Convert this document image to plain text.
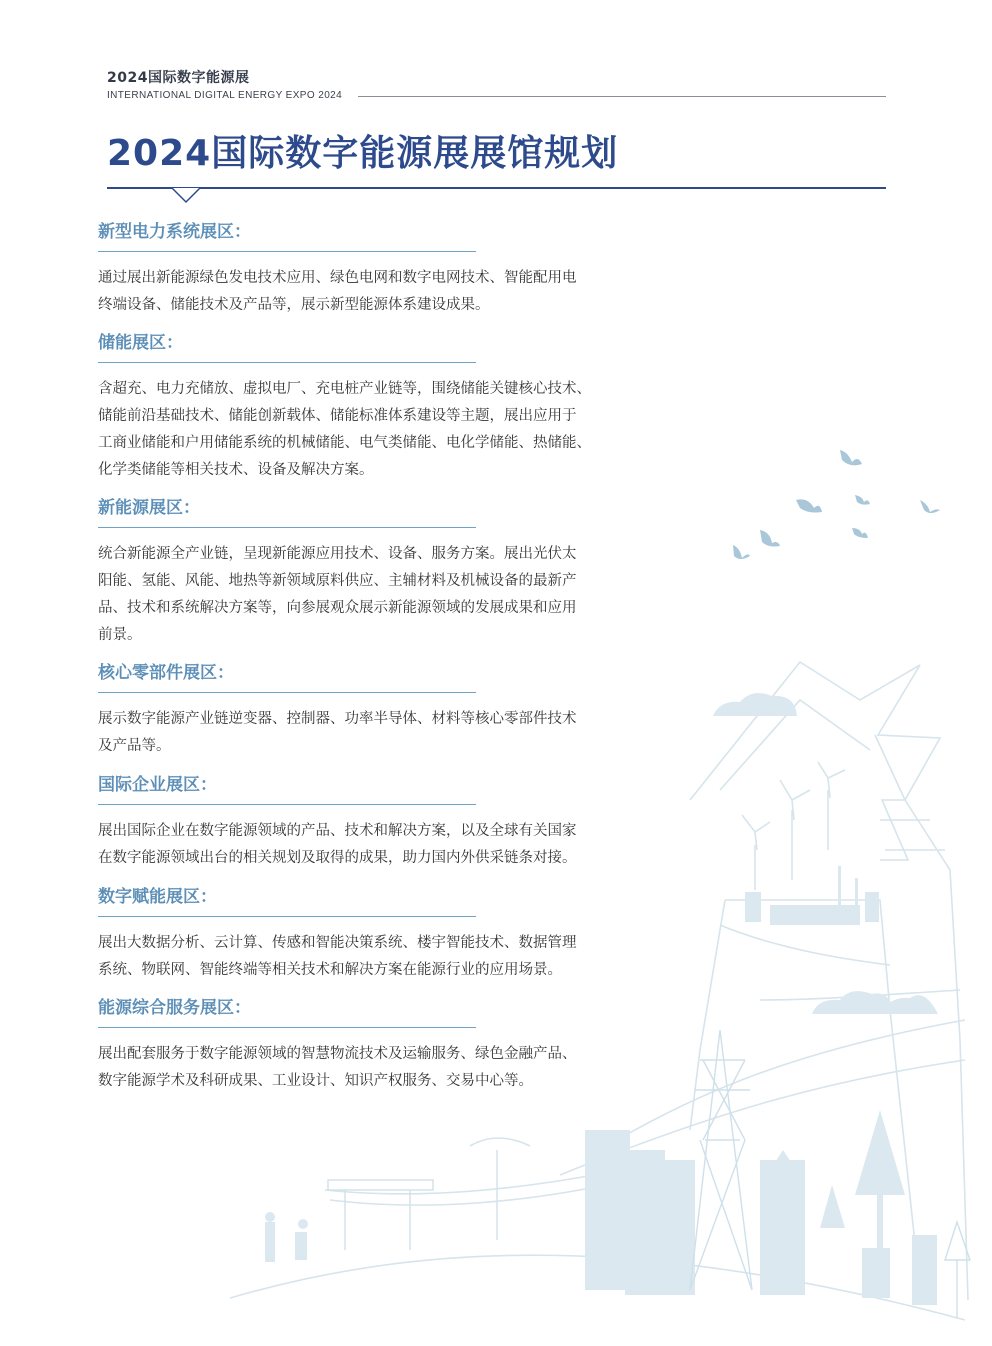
2024国际数字能源展
INTERNATIONAL DIGITAL ENERGY EXPO 2024
2024国际数字能源展展馆规划
新型电力系统展区：
通过展出新能源绿色发电技术应用、绿色电网和数字电网技术、智能配用电
终端设备、储能技术及产品等，展示新型能源体系建设成果。
储能展区：
含超充、电力充储放、虚拟电厂、充电桩产业链等，围绕储能关键核心技术、
储能前沿基础技术、储能创新载体、储能标准体系建设等主题，展出应用于
工商业储能和户用储能系统的机械储能、电气类储能、电化学储能、热储能、
化学类储能等相关技术、设备及解决方案。
新能源展区：
统合新能源全产业链，呈现新能源应用技术、设备、服务方案。展出光伏太
阳能、氢能、风能、地热等新领域原料供应、主辅材料及机械设备的最新产
品、技术和系统解决方案等，向参展观众展示新能源领域的发展成果和应用
前景。
核心零部件展区：
展示数字能源产业链逆变器、控制器、功率半导体、材料等核心零部件技术
及产品等。
国际企业展区：
展出国际企业在数字能源领域的产品、技术和解决方案，以及全球有关国家
在数字能源领域出台的相关规划及取得的成果，助力国内外供采链条对接。
数字赋能展区：
展出大数据分析、云计算、传感和智能决策系统、楼宇智能技术、数据管理
系统、物联网、智能终端等相关技术和解决方案在能源行业的应用场景。
能源综合服务展区：
展出配套服务于数字能源领域的智慧物流技术及运输服务、绿色金融产品、
数字能源学术及科研成果、工业设计、知识产权服务、交易中心等。
